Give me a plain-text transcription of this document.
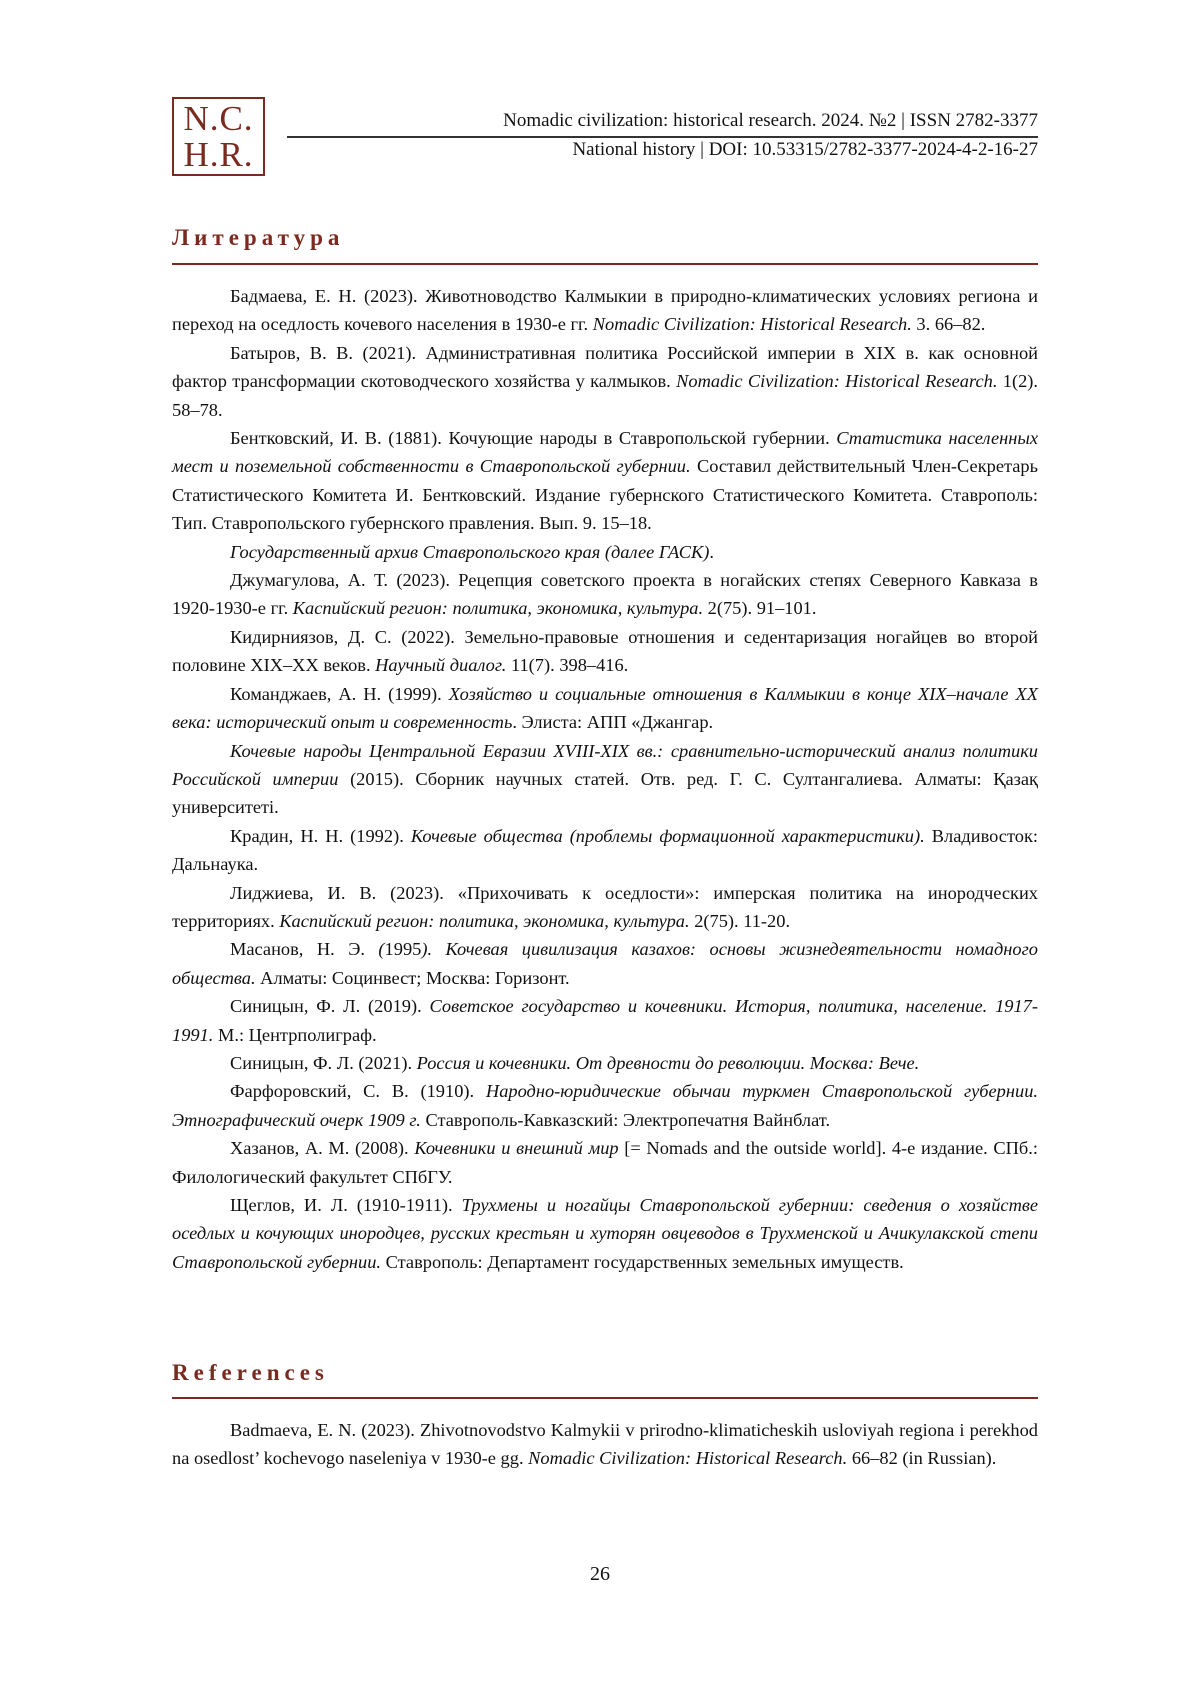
N.C.
H.R.
Nomadic civilization: historical research. 2024. №2 | ISSN 2782-3377
National history | DOI: 10.53315/2782-3377-2024-4-2-16-27
Литература

Бадмаева, Е. Н. (2023). Животноводство Калмыкии в природно-климатических условиях региона и переход на оседлость кочевого населения в 1930-е гг. Nomadic Civilization: Historical Research. 3. 66–82.

Батыров, В. В. (2021). Административная политика Российской империи в XIX в. как основной фактор трансформации скотоводческого хозяйства у калмыков. Nomadic Civilization: Historical Research. 1(2). 58–78.

Бентковский, И. В. (1881). Кочующие народы в Ставропольской губернии. Статистика населенных мест и поземельной собственности в Ставропольской губернии. Составил действительный Член-Секретарь Статистического Комитета И. Бентковский. Издание губернского Статистического Комитета. Ставрополь: Тип. Ставропольского губернского правления. Вып. 9. 15–18.

Государственный архив Ставропольского края (далее ГАСК).

Джумагулова, А. Т. (2023). Рецепция советского проекта в ногайских степях Северного Кавказа в 1920-1930-е гг. Каспийский регион: политика, экономика, культура. 2(75). 91–101.

Кидирниязов, Д. С. (2022). Земельно-правовые отношения и седентаризация ногайцев во второй половине XIX–XX веков. Научный диалог. 11(7). 398–416.

Команджаев, А. Н. (1999). Хозяйство и социальные отношения в Калмыкии в конце XIX–начале XX века: исторический опыт и современность. Элиста: АПП «Джангар.

Кочевые народы Центральной Евразии XVIII-XIX вв.: сравнительно-исторический анализ политики Российской империи (2015). Сборник научных статей. Отв. ред. Г. С. Султангалиева. Алматы: Қазақ университеті.

Крадин, Н. Н. (1992). Кочевые общества (проблемы формационной характеристики). Владивосток: Дальнаука.

Лиджиева, И. В. (2023). «Прихочивать к оседлости»: имперская политика на инородческих территориях. Каспийский регион: политика, экономика, культура. 2(75). 11-20.

Масанов, Н. Э. (1995). Кочевая цивилизация казахов: основы жизнедеятельности номадного общества. Алматы: Социнвест; Москва: Горизонт.

Синицын, Ф. Л. (2019). Советское государство и кочевники. История, политика, население. 1917-1991. М.: Центрполиграф.

Синицын, Ф. Л. (2021). Россия и кочевники. От древности до революции. Москва: Вече.

Фарфоровский, С. В. (1910). Народно-юридические обычаи туркмен Ставропольской губернии. Этнографический очерк 1909 г. Ставрополь-Кавказский: Электропечатня Вайнблат.

Хазанов, А. М. (2008). Кочевники и внешний мир [= Nomads and the outside world]. 4-е издание. СПб.: Филологический факультет СПбГУ.

Щеглов, И. Л. (1910-1911). Трухмены и ногайцы Ставропольской губернии: сведения о хозяйстве оседлых и кочующих инородцев, русских крестьян и хуторян овцеводов в Трухменской и Ачикулакской степи Ставропольской губернии. Ставрополь: Департамент государственных земельных имуществ.

References

Badmaeva, E. N. (2023). Zhivotnovodstvo Kalmykii v prirodno-klimaticheskih usloviyah regiona i perekhod na osedlost’ kochevogo naseleniya v 1930-e gg. Nomadic Civilization: Historical Research. 66–82 (in Russian).

26
